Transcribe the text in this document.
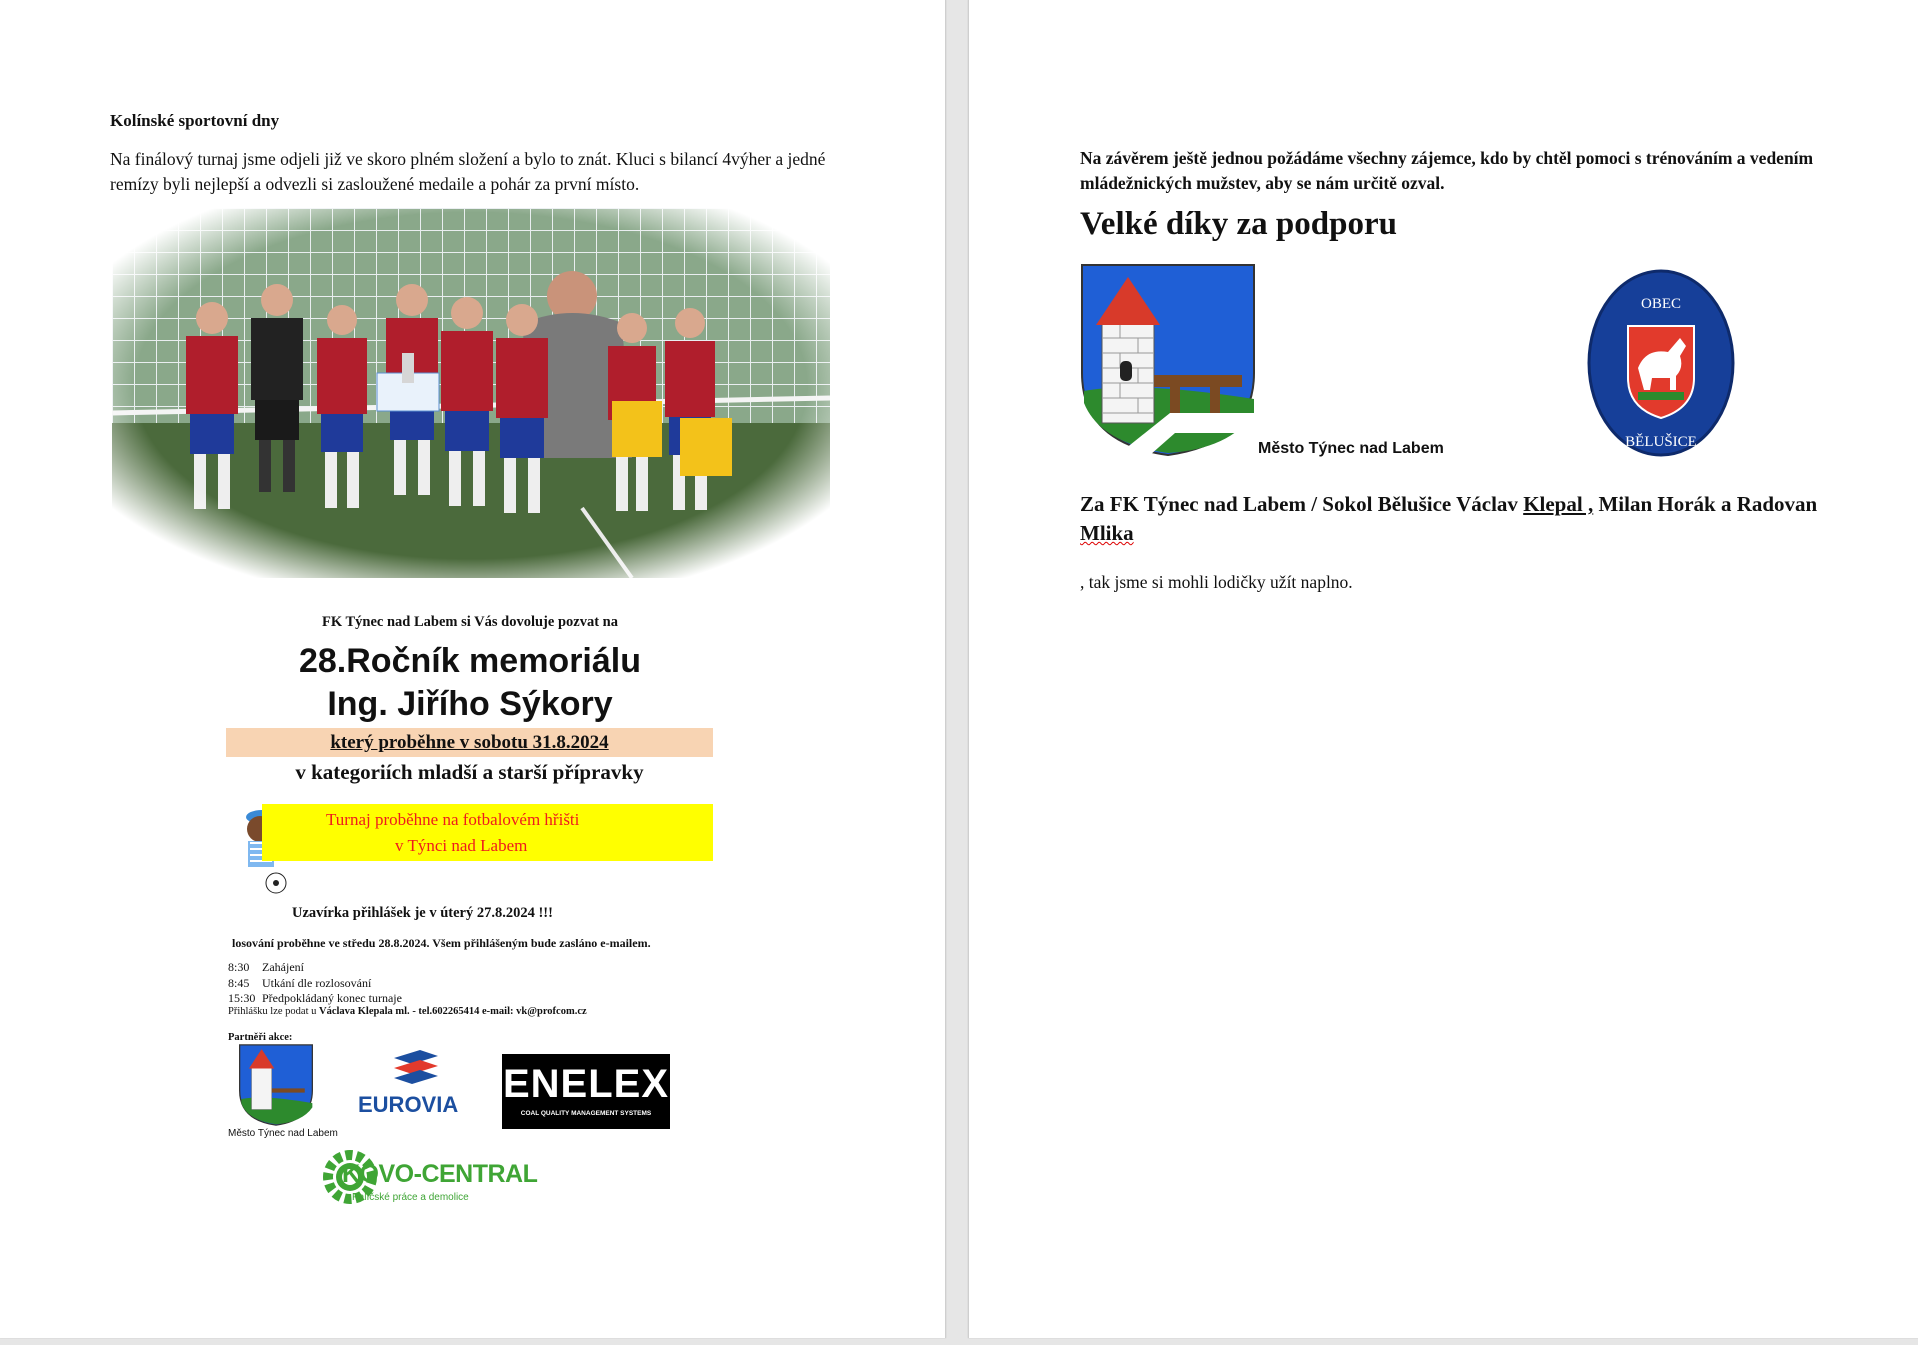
Kolínské sportovní dny
Na finálový turnaj jsme odjeli již ve skoro plném složení a bylo to znát. Kluci s bilancí 4výher a jedné remízy byli nejlepší a odvezli si zasloužené medaile a pohár za první místo.
FK Týnec nad Labem si Vás dovoluje pozvat na
28.Ročník memoriálu
Ing. Jiřího Sýkory
který proběhne v sobotu 31.8.2024
v kategoriích mladší a starší přípravky
Turnaj proběhne na fotbalovém hřišti
v Týnci nad Labem
Uzavírka přihlášek je v úterý 27.8.2024 !!!
losování proběhne ve středu 28.8.2024. Všem přihlášeným bude zasláno e-mailem.
8:30 Zahájení
8:45 Utkání dle rozlosování
15:30 Předpokládaný konec turnaje
Přihlášku lze podat u Václava Klepala ml. - tel.602265414 e-mail: vk@profcom.cz
Partněři akce:
Město Týnec nad Labem
EUROVIA ENELEX
COAL QUALITY MANAGEMENT SYSTEMS
KOVO-CENTRAL
Palíčské práce a demolice
Na závěrem ještě jednou požádáme všechny zájemce, kdo by chtěl pomoci s trénováním a vedením mládežnických mužstev, aby se nám určitě ozval.
Velké díky za podporu
Město Týnec nad Labem
OBEC
BĚLUŠICE
Za FK Týnec nad Labem / Sokol Bělušice Václav Klepal , Milan Horák a Radovan Mlika
, tak jsme si mohli lodičky užít naplno.
